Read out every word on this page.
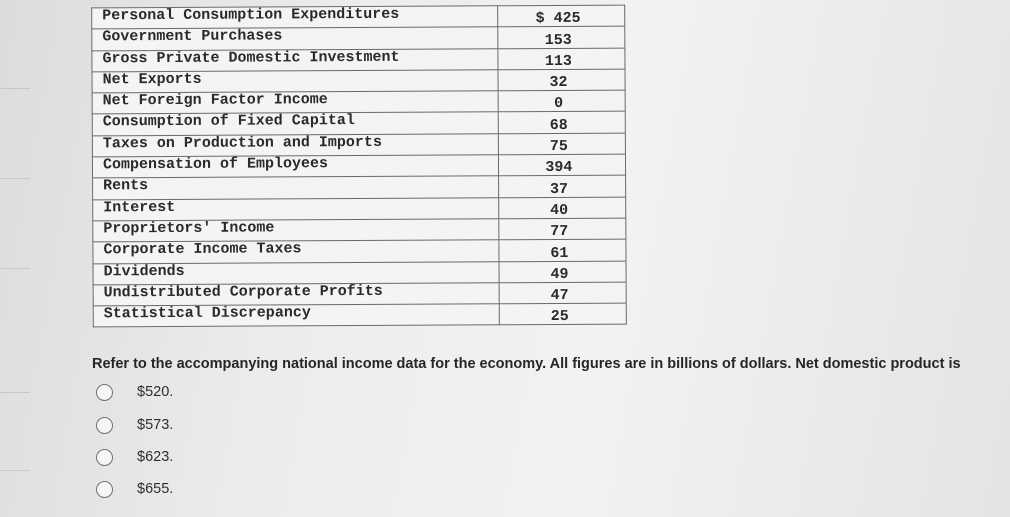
Personal Consumption Expenditures	$ 425
Government Purchases	153
Gross Private Domestic Investment	113
Net Exports	32
Net Foreign Factor Income	0
Consumption of Fixed Capital	68
Taxes on Production and Imports	75
Compensation of Employees	394
Rents	37
Interest	40
Proprietors' Income	77
Corporate Income Taxes	61
Dividends	49
Undistributed Corporate Profits	47
Statistical Discrepancy	25

Refer to the accompanying national income data for the economy. All figures are in billions of dollars. Net domestic product is

$520.
$573.
$623.
$655.
